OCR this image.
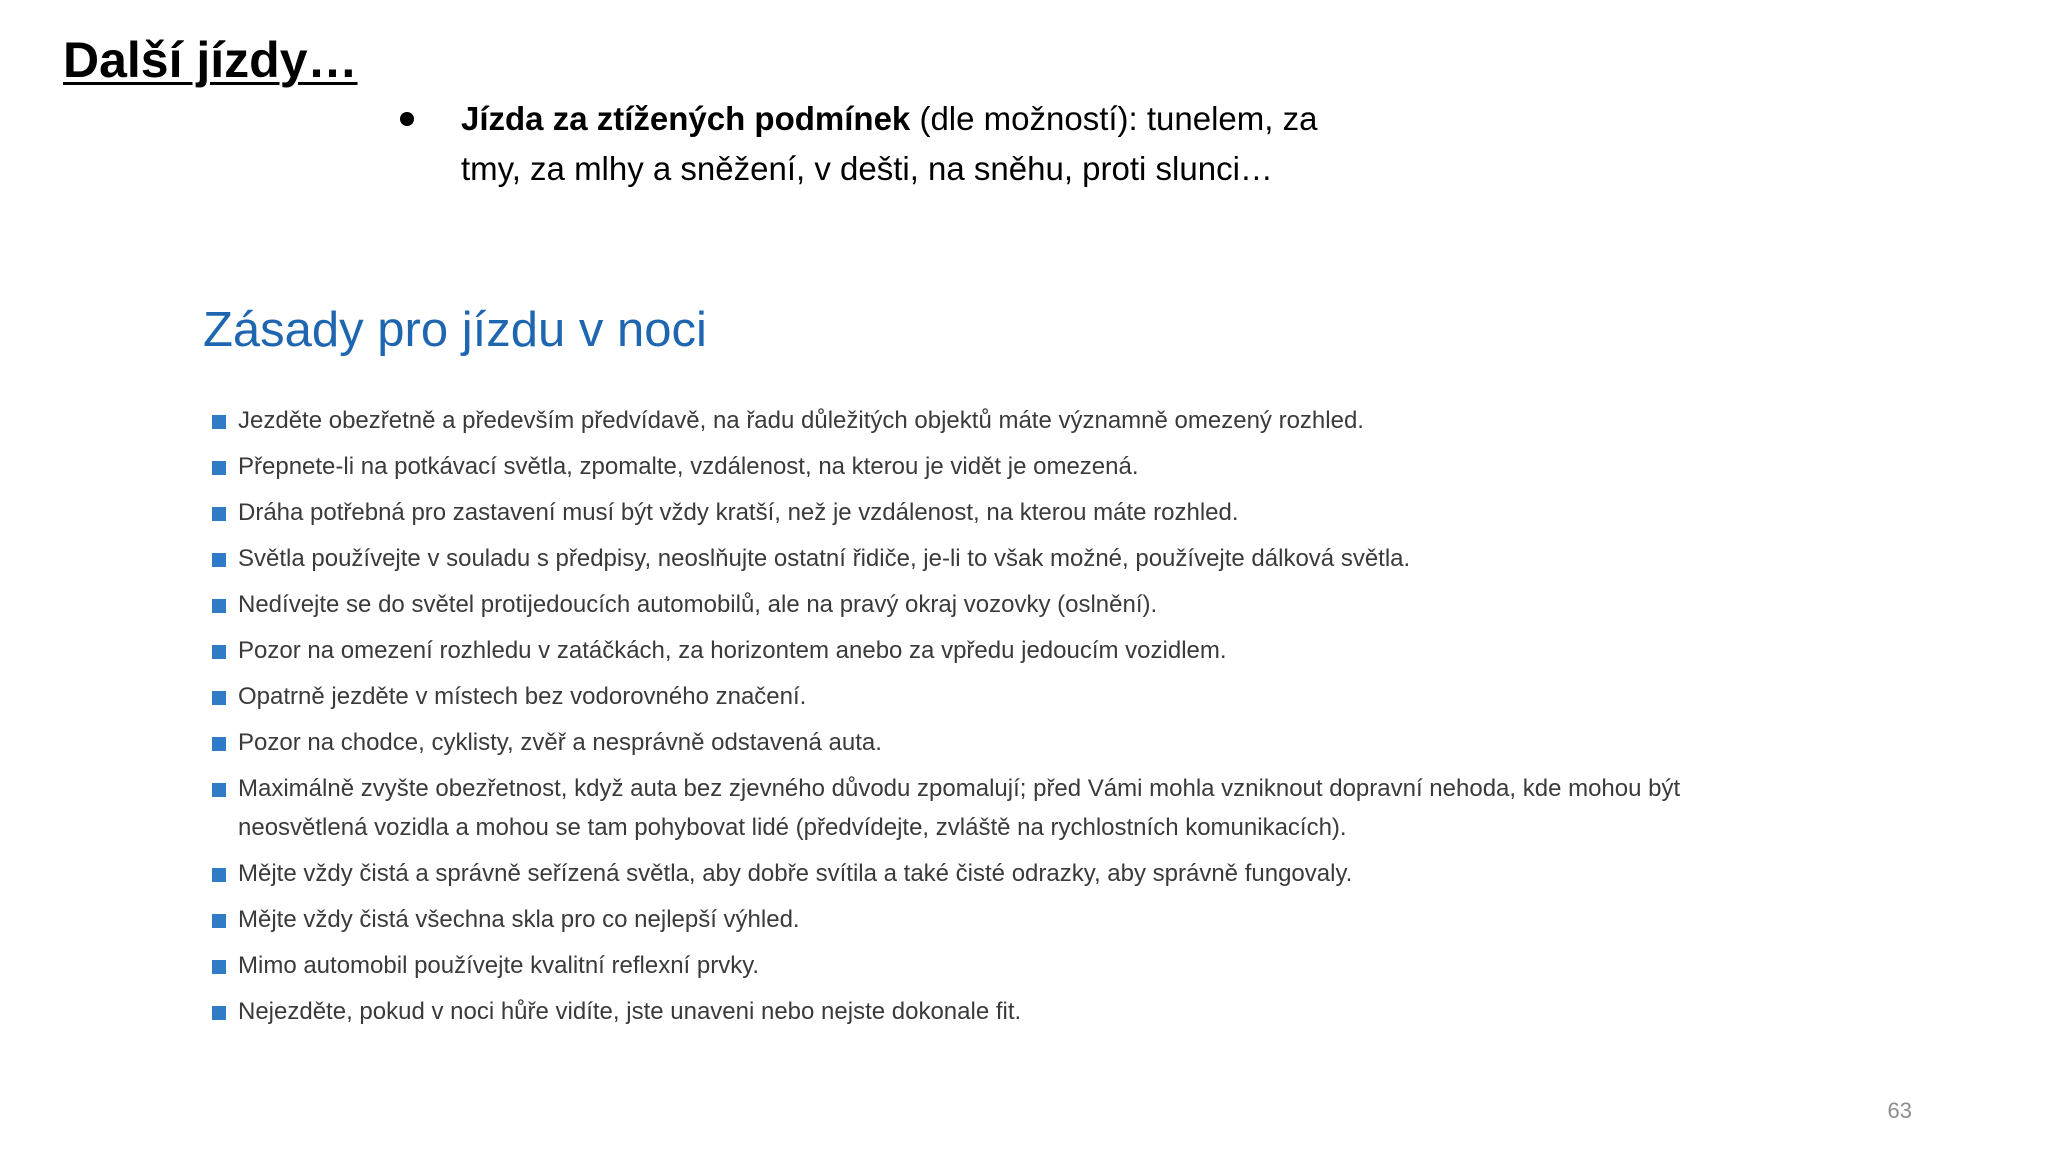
Další jízdy…
Jízda za ztížených podmínek (dle možností): tunelem, za tmy, za mlhy a sněžení, v dešti, na sněhu, proti slunci…
Zásady pro jízdu v noci
Jezděte obezřetně a především předvídavě, na řadu důležitých objektů máte významně omezený rozhled.
Přepnete-li na potkávací světla, zpomalte, vzdálenost, na kterou je vidět je omezená.
Dráha potřebná pro zastavení musí být vždy kratší, než je vzdálenost, na kterou máte rozhled.
Světla používejte v souladu s předpisy, neoslňujte ostatní řidiče, je-li to však možné, používejte dálková světla.
Nedívejte se do světel protijedoucích automobilů, ale na pravý okraj vozovky (oslnění).
Pozor na omezení rozhledu v zatáčkách, za horizontem anebo za vpředu jedoucím vozidlem.
Opatrně jezděte v místech bez vodorovného značení.
Pozor na chodce, cyklisty, zvěř a nesprávně odstavená auta.
Maximálně zvyšte obezřetnost, když auta bez zjevného důvodu zpomalují; před Vámi mohla vzniknout dopravní nehoda, kde mohou být neosvětlená vozidla a mohou se tam pohybovat lidé (předvídejte, zvláště na rychlostních komunikacích).
Mějte vždy čistá a správně seřízená světla, aby dobře svítila a také čisté odrazky, aby správně fungovaly.
Mějte vždy čistá všechna skla pro co nejlepší výhled.
Mimo automobil používejte kvalitní reflexní prvky.
Nejezděte, pokud v noci hůře vidíte, jste unaveni nebo nejste dokonale fit.
63
